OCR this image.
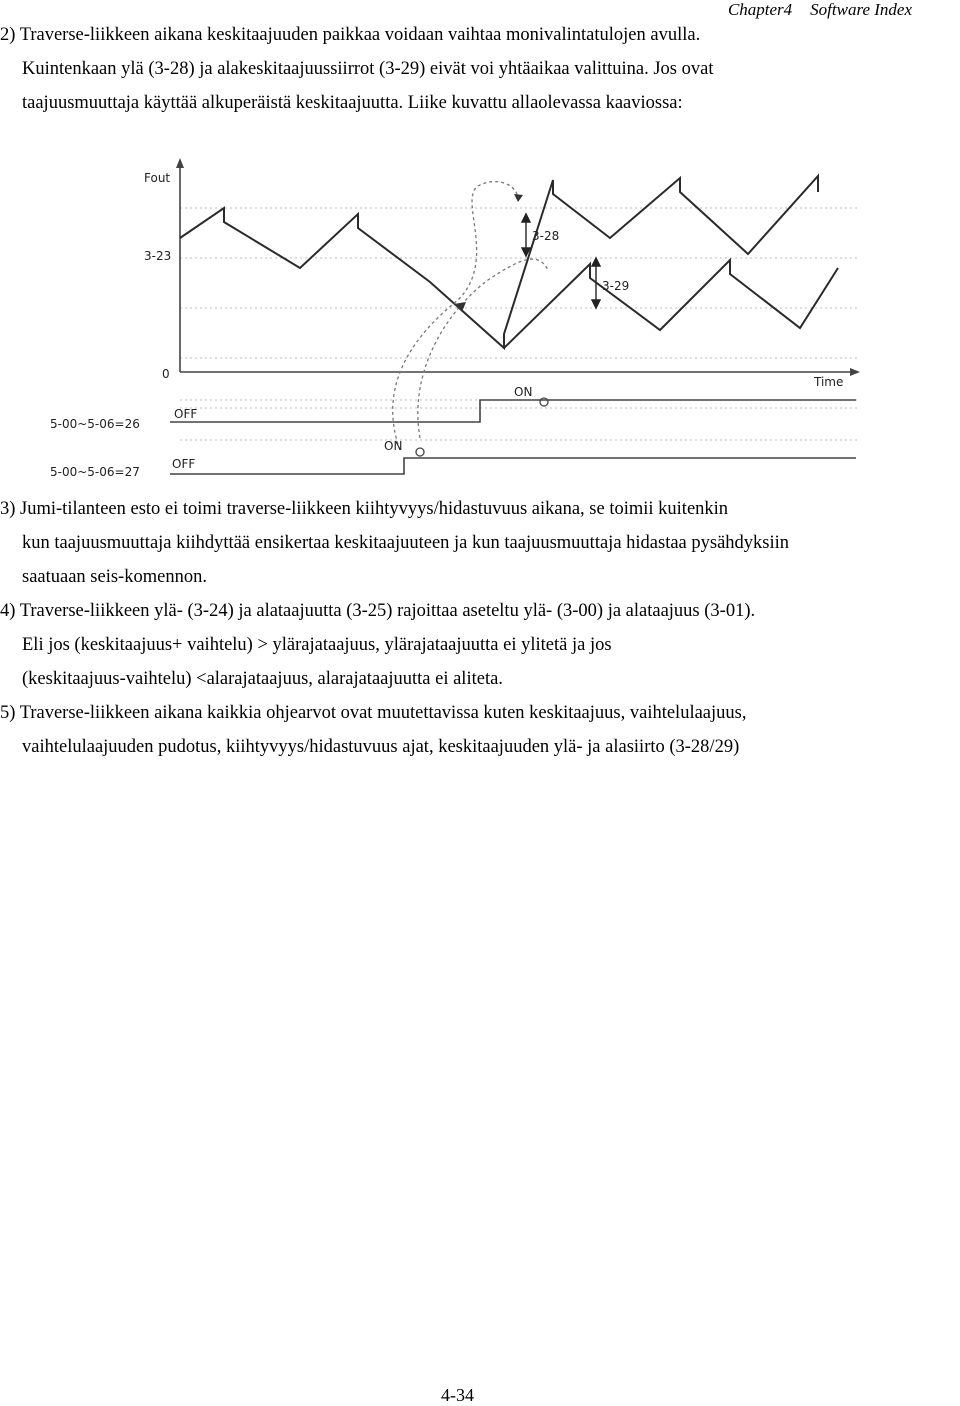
Chapter4 Software Index
2) Traverse-liikkeen aikana keskitaajuuden paikkaa voidaan vaihtaa monivalintatulojen avulla.
Kuintenkaan ylä (3-28) ja alakeskitaajuussiirrot (3-29) eivät voi yhtäaikaa valittuina. Jos ovat
taajuusmuuttaja käyttää alkuperäistä keskitaajuutta. Liike kuvattu allaolevassa kaaviossa:
3-28
3-29
Fout
Time
3-23
0
5-00~5-06=26
OFF
ON
5-00~5-06=27
OFF
ON
3) Jumi-tilanteen esto ei toimi traverse-liikkeen kiihtyvyys/hidastuvuus aikana, se toimii kuitenkin
kun taajuusmuuttaja kiihdyttää ensikertaa keskitaajuuteen ja kun taajuusmuuttaja hidastaa pysähdyksiin
saatuaan seis-komennon.
4) Traverse-liikkeen ylä- (3-24) ja alataajuutta (3-25) rajoittaa aseteltu ylä- (3-00) ja alataajuus (3-01).
Eli jos (keskitaajuus+ vaihtelu) > ylärajataajuus, ylärajataajuutta ei ylitetä ja jos
(keskitaajuus-vaihtelu) <alarajataajuus, alarajataajuutta ei aliteta.
5) Traverse-liikkeen aikana kaikkia ohjearvot ovat muutettavissa kuten keskitaajuus, vaihtelulaajuus,
vaihtelulaajuuden pudotus, kiihtyvyys/hidastuvuus ajat, keskitaajuuden ylä- ja alasiirto (3-28/29)
4-34
